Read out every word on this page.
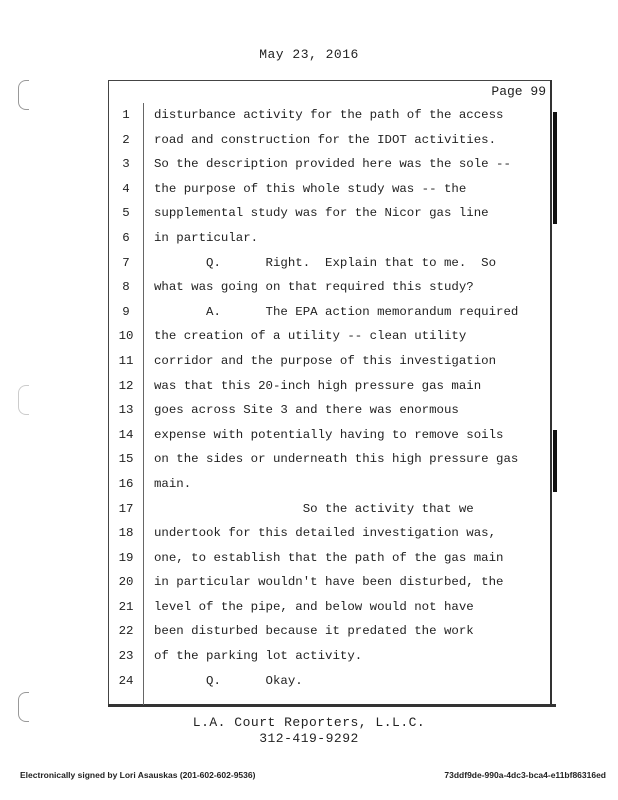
May 23, 2016
Page 99
1	disturbance activity for the path of the access
2	road and construction for the IDOT activities.
3	So the description provided here was the sole --
4	the purpose of this whole study was -- the
5	supplemental study was for the Nicor gas line
6	in particular.
7	Q.      Right.  Explain that to me.  So
8	what was going on that required this study?
9	A.      The EPA action memorandum required
10	the creation of a utility -- clean utility
11	corridor and the purpose of this investigation
12	was that this 20-inch high pressure gas main
13	goes across Site 3 and there was enormous
14	expense with potentially having to remove soils
15	on the sides or underneath this high pressure gas
16	main.
17	So the activity that we
18	undertook for this detailed investigation was,
19	one, to establish that the path of the gas main
20	in particular wouldn't have been disturbed, the
21	level of the pipe, and below would not have
22	been disturbed because it predated the work
23	of the parking lot activity.
24	Q.      Okay.
L.A. Court Reporters, L.L.C.
312-419-9292
Electronically signed by Lori Asauskas (201-602-602-9536)	73ddf9de-990a-4dc3-bca4-e11bf86316ed
